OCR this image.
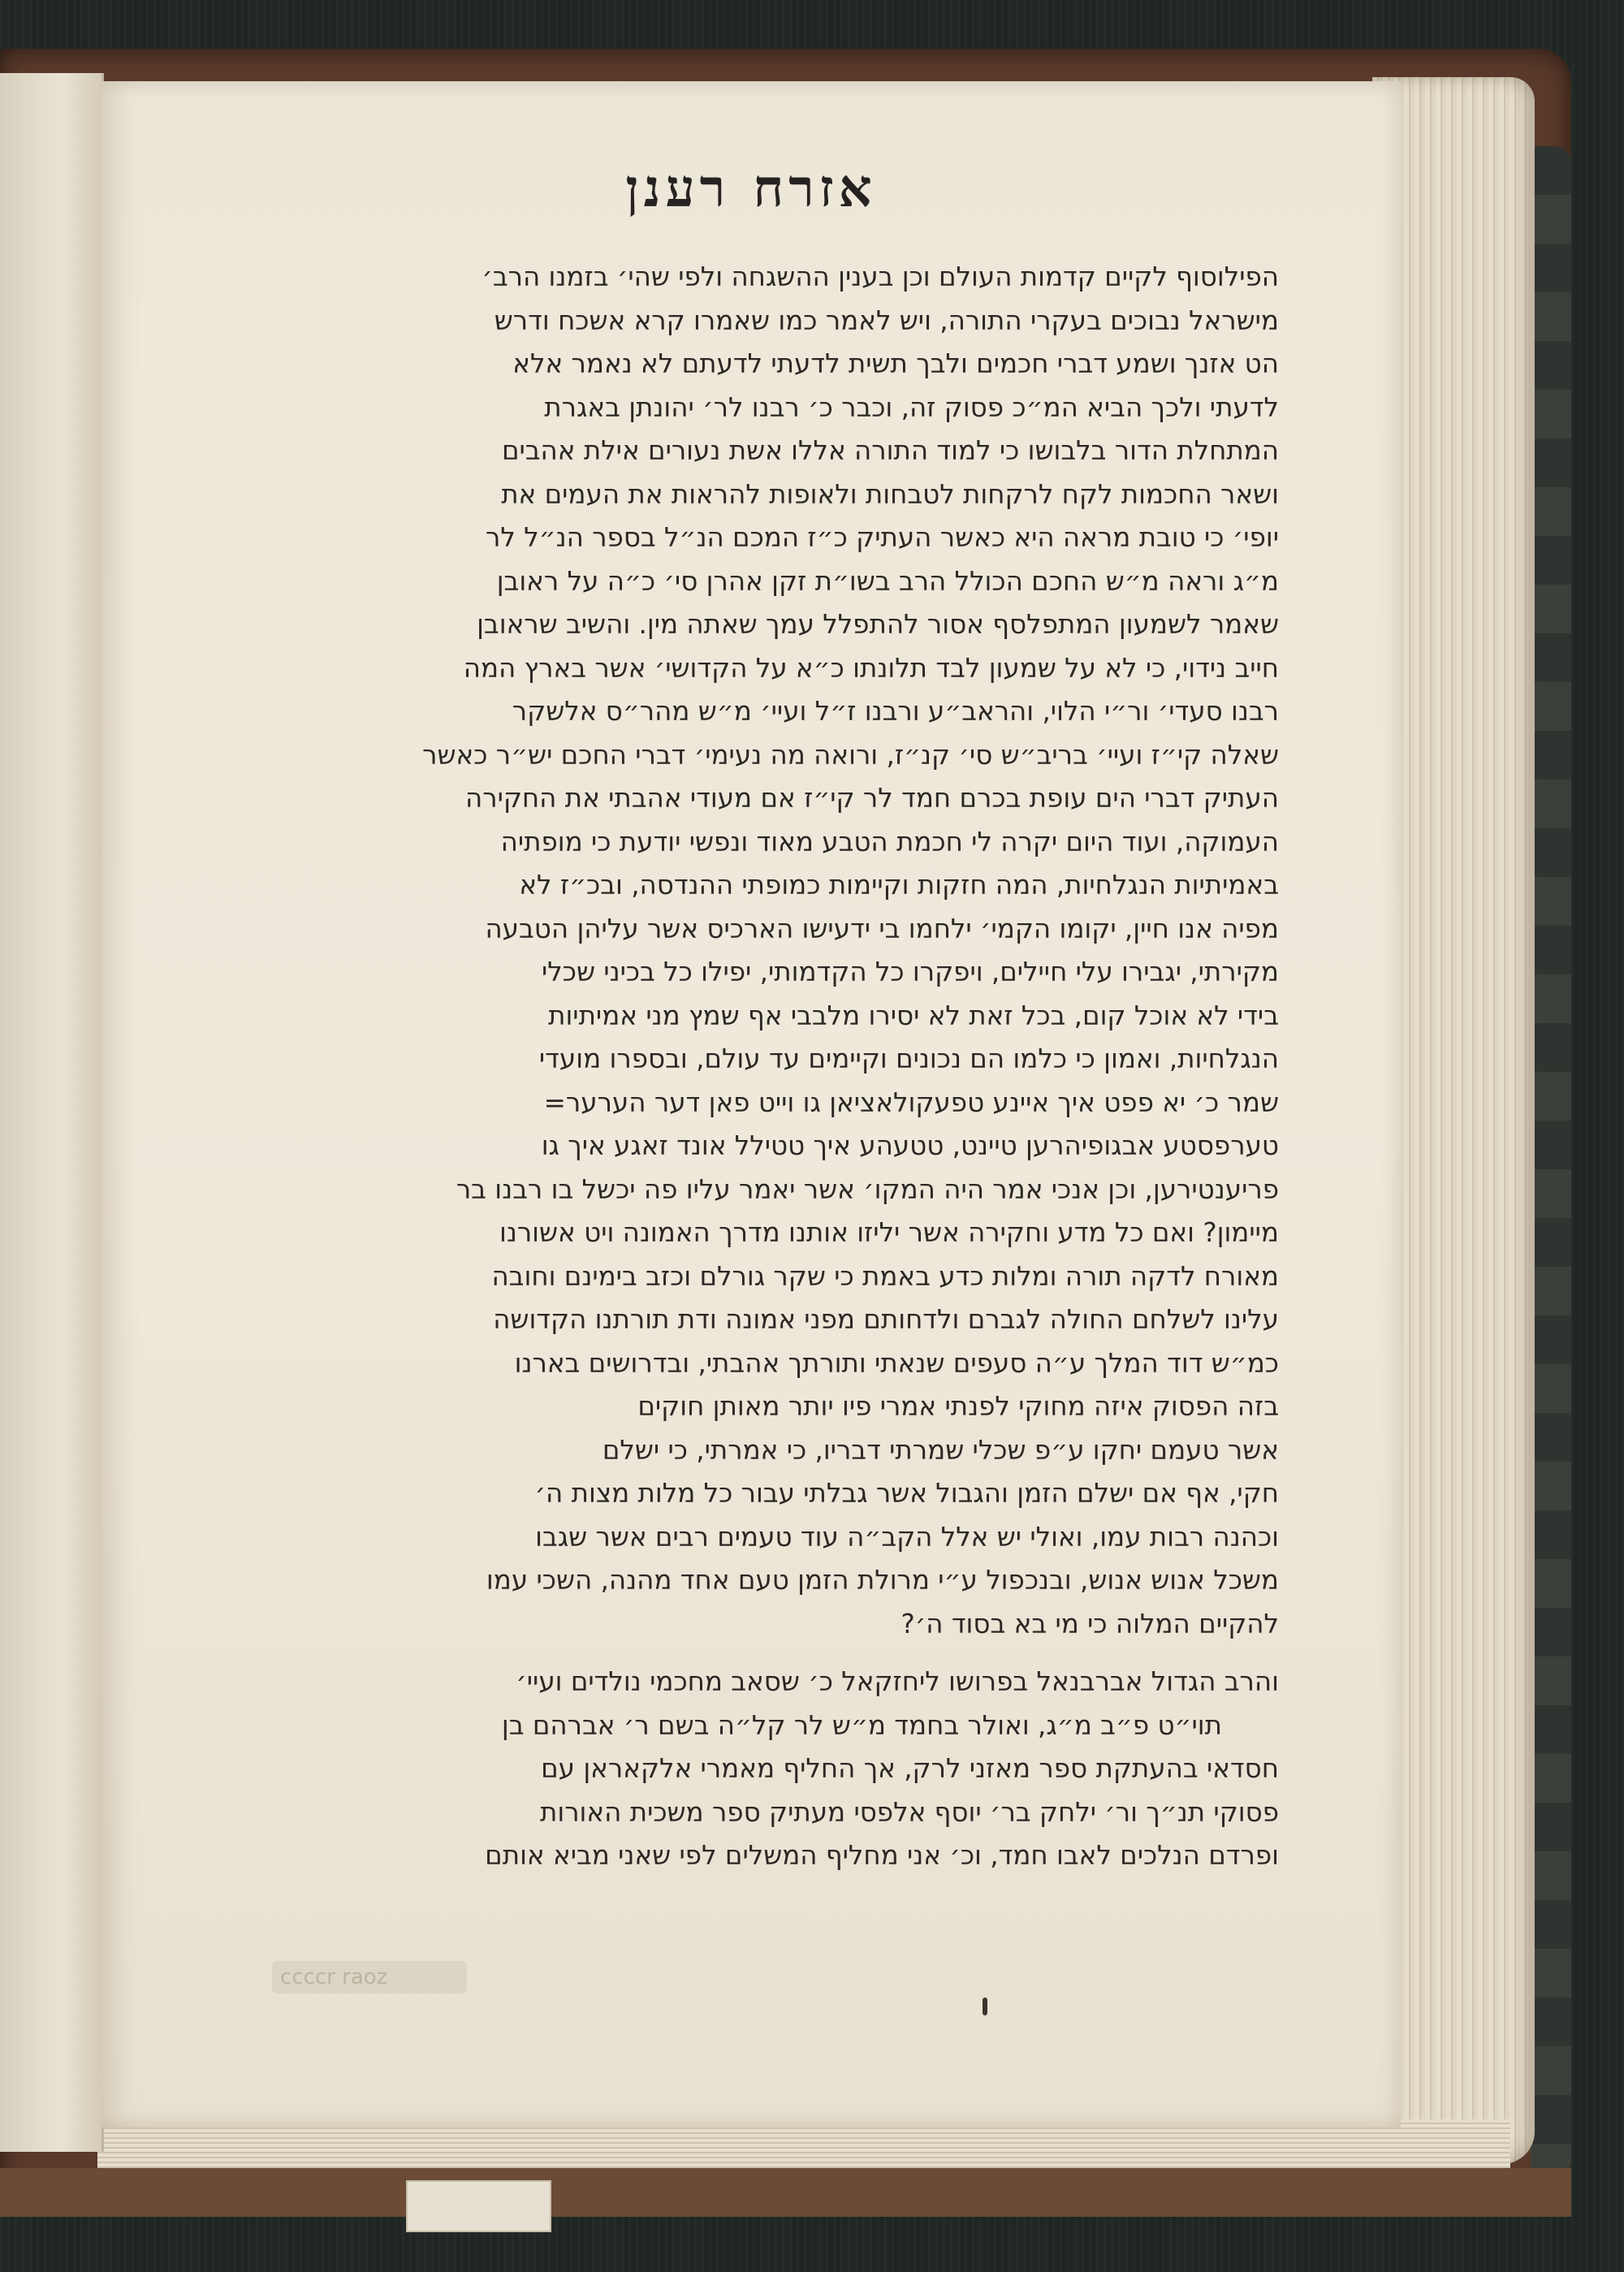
אזרח רענן
הפילוסוף לקיים קדמות העולם וכן בענין ההשגחה ולפי שהי׳ בזמנו הרב׳
מישראל נבוכים בעקרי התורה, ויש לאמר כמו שאמרו קרא אשכח ודרש
הט אזנך ושמע דברי חכמים ולבך תשית לדעתי לדעתם לא נאמר אלא
לדעתי ולכך הביא המ״כ פסוק זה, וכבר כ׳ רבנו לר׳ יהונתן באגרת
המתחלת הדור בלבושו כי למוד התורה אללו אשת נעורים אילת אהבים
ושאר החכמות לקח לרקחות לטבחות ולאופות להראות את העמים את
יופי׳ כי טובת מראה היא כאשר העתיק כ״ז המכם הנ״ל בספר הנ״ל לר
מ״ג וראה מ״ש החכם הכולל הרב בשו״ת זקן אהרן סי׳ כ״ה על ראובן
שאמר לשמעון המתפלסף אסור להתפלל עמך שאתה מין. והשיב שראובן
חייב נידוי, כי לא על שמעון לבד תלונתו כ״א על הקדושי׳ אשר בארץ המה
רבנו סעדי׳ ור״י הלוי, והראב״ע ורבנו ז״ל ועיי׳ מ״ש מהר״ס אלשקר
שאלה קי״ז ועיי׳ בריב״ש סי׳ קנ״ז, ורואה מה נעימי׳ דברי החכם יש״ר כאשר
העתיק דברי הים עופת בכרם חמד לר קי״ז אם מעודי אהבתי את החקירה
העמוקה, ועוד היום יקרה לי חכמת הטבע מאוד ונפשי יודעת כי מופתיה
באמיתיות הנגלחיות, המה חזקות וקיימות כמופתי ההנדסה, ובכ״ז לא
מפיה אנו חיין, יקומו הקמי׳ ילחמו בי ידעישו הארכיס אשר עליהן הטבעה
מקירתי, יגבירו עלי חיילים, ויפקרו כל הקדמותי, יפילו כל בכיני שכלי
בידי לא אוכל קום, בכל זאת לא יסירו מלבבי אף שמץ מני אמיתיות
הנגלחיות, ואמון כי כלמו הם נכונים וקיימים עד עולם, ובספרו מועדי
שמר כ׳ יא פפט איך איינע טפעקולאציאן גו וייט פאן דער הערער=
טערפסטע אבגופיהרען טיינט, טטעהע איך טטילל אונד זאגע איך גו
פריענטירען, וכן אנכי אמר היה המקו׳ אשר יאמר עליו פה יכשל בו רבנו בר
מיימון? ואם כל מדע וחקירה אשר יליזו אותנו מדרך האמונה ויט אשורנו
מאורח לדקה תורה ומלות כדע באמת כי שקר גורלם וכזב בימינם וחובה
עלינו לשלחם החולה לגברם ולדחותם מפני אמונה ודת תורתנו הקדושה
כמ״ש דוד המלך ע״ה סעפים שנאתי ותורתך אהבתי, ובדרושים בארנו
בזה הפסוק איזה מחוקי לפנתי אמרי פיו יותר מאותן חוקים
אשר טעמם יחקו ע״פ שכלי שמרתי דבריו, כי אמרתי, כי ישלם
חקי, אף אם ישלם הזמן והגבול אשר גבלתי עבור כל מלות מצות ה׳
וכהנה רבות עמו, ואולי יש אלל הקב״ה עוד טעמים רבים אשר שגבו
משכל אנוש אנוש, ובנכפול ע״י מרולת הזמן טעם אחד מהנה, השכי עמו
להקיים המלוה כי מי בא בסוד ה׳?
והרב הגדול אברבנאל בפרושו ליחזקאל כ׳ שסאב מחכמי נולדים ועיי׳
תוי״ט פ״ב מ״ג, ואולר בחמד מ״ש לר קל״ה בשם ר׳ אברהם בן
חסדאי בהעתקת ספר מאזני לרק, אך החליף מאמרי אלקאראן עם
פסוקי תנ״ך ור׳ ילחק בר׳ יוסף אלפסי מעתיק ספר משכית האורות
ופרדם הנלכים לאבו חמד, וכ׳ אני מחליף המשלים לפי שאני מביא אותם
ccccr raoz
